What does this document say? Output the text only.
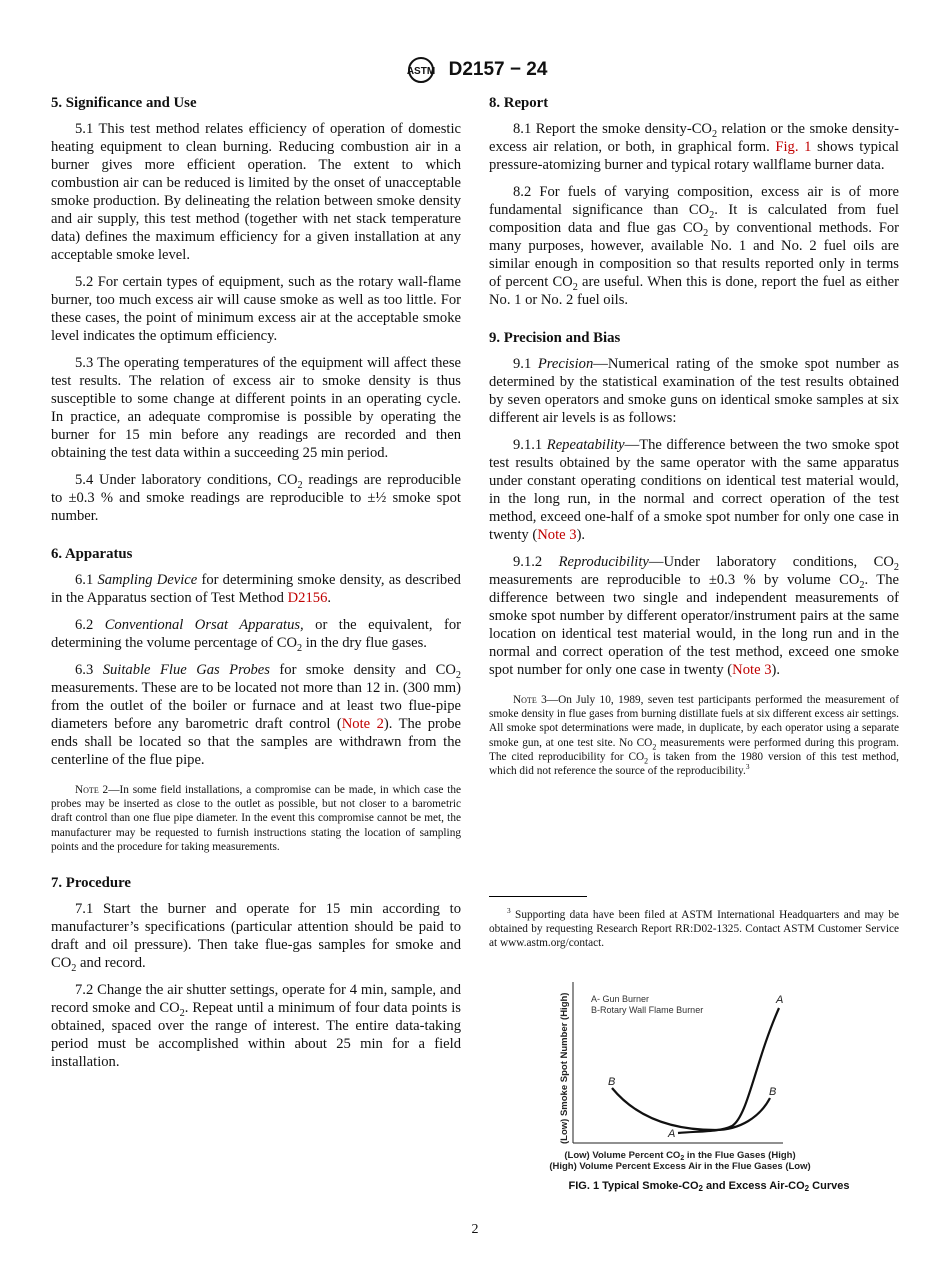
ASTM D2157 − 24
5. Significance and Use

5.1 This test method relates efficiency of operation of domestic heating equipment to clean burning. Reducing combustion air in a burner gives more efficient operation. The extent to which combustion air can be reduced is limited by the onset of unacceptable smoke production. By delineating the relation between smoke density and air supply, this test method (together with net stack temperature data) defines the maximum efficiency for a given installation at any acceptable smoke level.

5.2 For certain types of equipment, such as the rotary wall-flame burner, too much excess air will cause smoke as well as too little. For these cases, the point of minimum excess air at the acceptable smoke level indicates the optimum efficiency.

5.3 The operating temperatures of the equipment will affect these test results. The relation of excess air to smoke density is thus susceptible to some change at different points in an operating cycle. In practice, an adequate compromise is possible by operating the burner for 15 min before any readings are recorded and then obtaining the test data within a succeeding 25 min period.

5.4 Under laboratory conditions, $CO_2$ readings are reproducible to ±0.3 % and smoke readings are reproducible to ±½ smoke spot number.

6. Apparatus

6.1 Sampling Device for determining smoke density, as described in the Apparatus section of Test Method D2156.

6.2 Conventional Orsat Apparatus, or the equivalent, for determining the volume percentage of $CO_2$ in the dry flue gases.

6.3 Suitable Flue Gas Probes for smoke density and $CO_2$ measurements. These are to be located not more than 12 in. (300 mm) from the outlet of the boiler or furnace and at least two flue-pipe diameters before any barometric draft control (Note 2). The probe ends shall be located so that the samples are withdrawn from the centerline of the flue pipe.

Note 2—In some field installations, a compromise can be made, in which case the probes may be inserted as close to the outlet as possible, but not closer to a barometric draft control than one flue pipe diameter. In the event this compromise cannot be met, the manufacturer may be requested to furnish instructions stating the location of sampling points and the procedure for taking measurements.

7. Procedure

7.1 Start the burner and operate for 15 min according to manufacturer’s specifications (particular attention should be paid to draft and oil pressure). Then take flue-gas samples for smoke and $CO_2$ and record.

7.2 Change the air shutter settings, operate for 4 min, sample, and record smoke and $CO_2$. Repeat until a minimum of four data points is obtained, spaced over the range of interest. The entire data-taking period must be accomplished within about 25 min for a field installation.

8. Report

8.1 Report the smoke density-$CO_2$ relation or the smoke density-excess air relation, or both, in graphical form. Fig. 1 shows typical pressure-atomizing burner and typical rotary wallflame burner data.

8.2 For fuels of varying composition, excess air is of more fundamental significance than $CO_2$. It is calculated from fuel composition data and flue gas $CO_2$ by conventional methods. For many purposes, however, available No. 1 and No. 2 fuel oils are similar enough in composition so that results reported only in terms of percent $CO_2$ are useful. When this is done, report the fuel as either No. 1 or No. 2 fuel oils.

9. Precision and Bias

9.1 Precision—Numerical rating of the smoke spot number as determined by the statistical examination of the test results obtained by seven operators and smoke guns on identical smoke samples at six different air levels is as follows:

9.1.1 Repeatability—The difference between the two smoke spot test results obtained by the same operator with the same apparatus under constant operating conditions on identical test material would, in the long run, in the normal and correct operation of the test method, exceed one-half of a smoke spot number for only one case in twenty (Note 3).

9.1.2 Reproducibility—Under laboratory conditions, $CO_2$ measurements are reproducible to ±0.3 % by volume $CO_2$. The difference between two single and independent measurements of smoke spot number by different operator/instrument pairs at the same location on identical test material would, in the long run and in the normal and correct operation of the test method, exceed one smoke spot number for only one case in twenty (Note 3).

Note 3—On July 10, 1989, seven test participants performed the measurement of smoke density in flue gases from burning distillate fuels at six different excess air settings. All smoke spot determinations were made, in duplicate, by each operator using a separate smoke gun, at one test site. No $CO_2$ measurements were performed during this program. The cited reproducibility for $CO_2$ is taken from the 1980 version of this test method, which did not reference the source of the reproducibility.$^3$

$^3$ Supporting data have been filed at ASTM International Headquarters and may be obtained by requesting Research Report RR:D02-1325. Contact ASTM Customer Service at www.astm.org/contact.
(Low) Smoke Spot Number (High) A- Gun Burner
B-Rotary Wall Flame Burner
B
B
A
A
(Low) Volume Percent $CO_2$ in the Flue Gases (High)
(High) Volume Percent Excess Air in the Flue Gases (Low)
FIG. 1 Typical Smoke-CO2 and Excess Air-CO2 Curves
2
